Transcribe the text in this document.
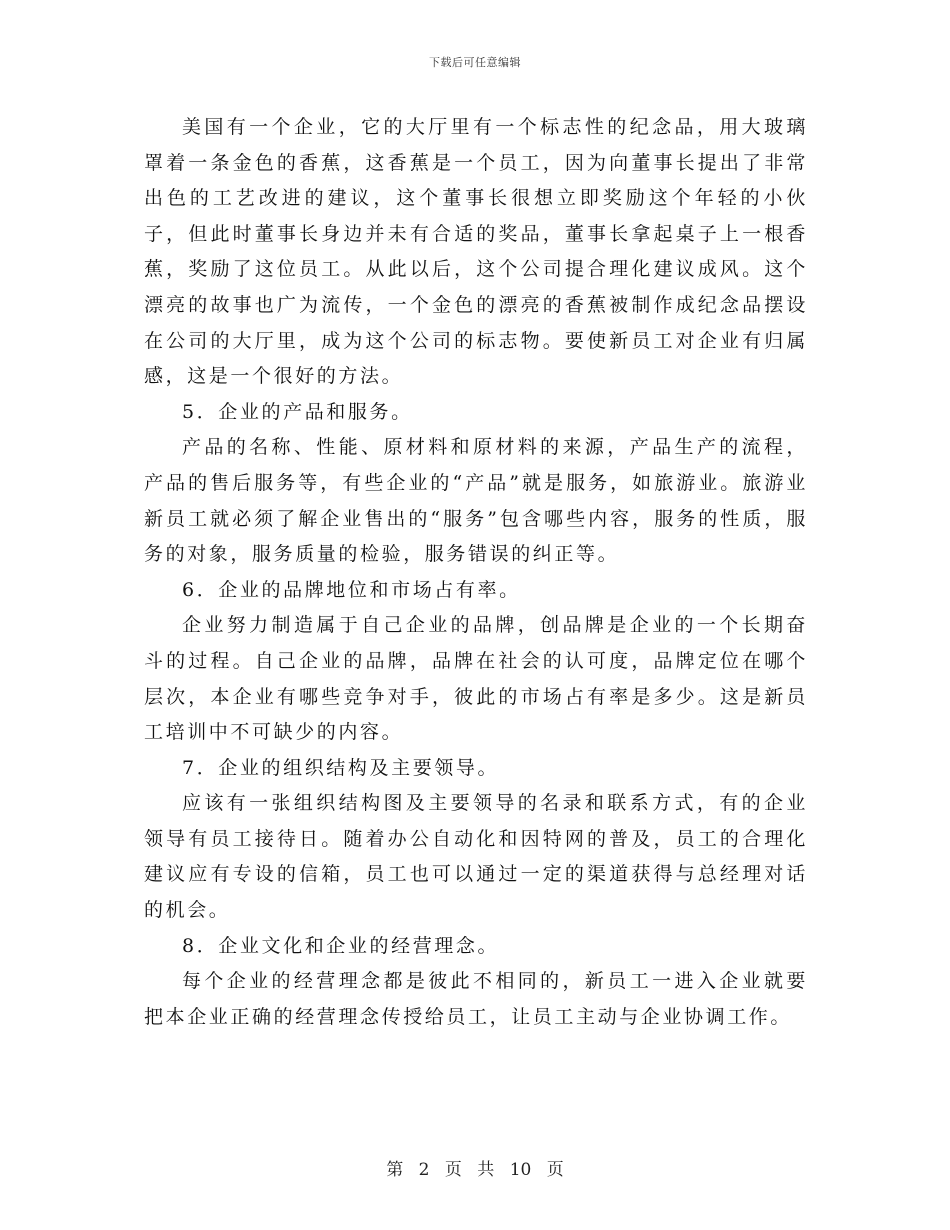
下载后可任意编辑

美国有一个企业，它的大厅里有一个标志性的纪念品，用大玻璃罩着一条金色的香蕉，这香蕉是一个员工，因为向董事长提出了非常出色的工艺改进的建议，这个董事长很想立即奖励这个年轻的小伙子，但此时董事长身边并未有合适的奖品，董事长拿起桌子上一根香蕉，奖励了这位员工。从此以后，这个公司提合理化建议成风。这个漂亮的故事也广为流传，一个金色的漂亮的香蕉被制作成纪念品摆设在公司的大厅里，成为这个公司的标志物。要使新员工对企业有归属感，这是一个很好的方法。

5．企业的产品和服务。

产品的名称、性能、原材料和原材料的来源，产品生产的流程，产品的售后服务等，有些企业的“产品”就是服务，如旅游业。旅游业新员工就必须了解企业售出的“服务”包含哪些内容，服务的性质，服务的对象，服务质量的检验，服务错误的纠正等。

6．企业的品牌地位和市场占有率。

企业努力制造属于自己企业的品牌，创品牌是企业的一个长期奋斗的过程。自己企业的品牌，品牌在社会的认可度，品牌定位在哪个层次，本企业有哪些竞争对手，彼此的市场占有率是多少。这是新员工培训中不可缺少的内容。

7．企业的组织结构及主要领导。

应该有一张组织结构图及主要领导的名录和联系方式，有的企业领导有员工接待日。随着办公自动化和因特网的普及，员工的合理化建议应有专设的信箱，员工也可以通过一定的渠道获得与总经理对话的机会。

8．企业文化和企业的经营理念。

每个企业的经营理念都是彼此不相同的，新员工一进入企业就要把本企业正确的经营理念传授给员工，让员工主动与企业协调工作。

第 2 页 共 10 页
